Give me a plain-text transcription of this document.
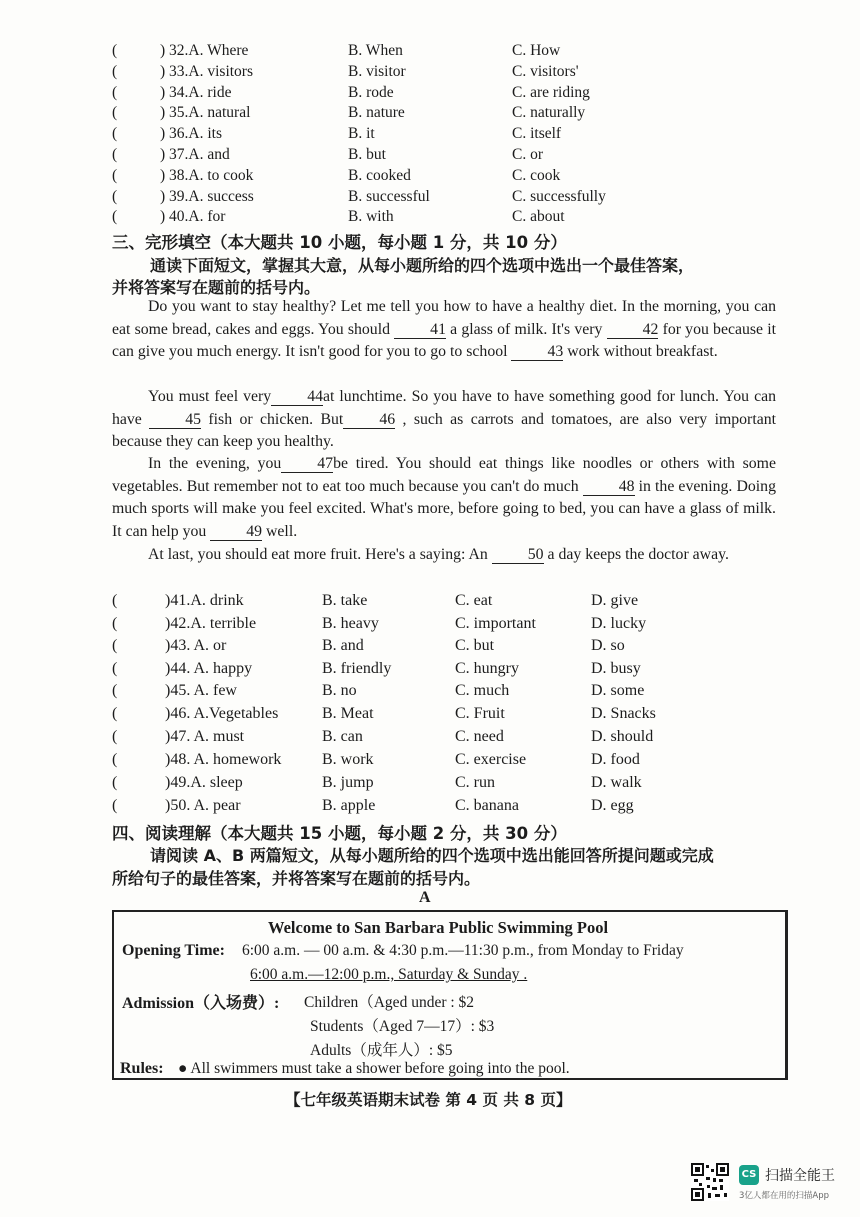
(	) 32.A. Where	B. When	C. How
(	) 33.A. visitors	B. visitor	C. visitors'
(	) 34.A. ride	B. rode	C. are riding
(	) 35.A. natural	B. nature	C. naturally
(	) 36.A. its	B. it	C. itself
(	) 37.A. and	B. but	C. or
(	) 38.A. to cook	B. cooked	C. cook
(	) 39.A. success	B. successful	C. successfully
(	) 40.A. for	B. with	C. about
三、完形填空（本大题共 10 小题，每小题 1 分，共 10 分）
通读下面短文，掌握其大意，从每小题所给的四个选项中选出一个最佳答案，
并将答案写在题前的括号内。
Do you want to stay healthy? Let me tell you how to have a healthy diet. In the morning, you can eat some bread, cakes and eggs. You should 41 a glass of milk. It's very 42 for you because it can give you much energy. It isn't good for you to go to school 43 work without breakfast.
You must feel very 44at lunchtime. So you have to have something good for lunch. You can have 45 fish or chicken. But 46 , such as carrots and tomatoes, are also very important because they can keep you healthy.
In the evening, you 47be tired. You should eat things like noodles or others with some vegetables. But remember not to eat too much because you can't do much 48 in the evening. Doing much sports will make you feel excited. What's more, before going to bed, you can have a glass of milk. It can help you 49 well.
At last, you should eat more fruit. Here's a saying: An 50 a day keeps the doctor away.
(	)41.A. drink	B. take	C. eat	D. give
(	)42.A. terrible	B. heavy	C. important	D. lucky
(	)43. A. or	B. and	C. but	D. so
(	)44. A. happy	B. friendly	C. hungry	D. busy
(	)45. A. few	B. no	C. much	D. some
(	)46. A.Vegetables	B. Meat	C. Fruit	D. Snacks
(	)47. A. must	B. can	C. need	D. should
(	)48. A. homework	B. work	C. exercise	D. food
(	)49.A. sleep	B. jump	C. run	D. walk
(	)50. A. pear	B. apple	C. banana	D. egg
四、阅读理解（本大题共 15 小题，每小题 2 分，共 30 分）
请阅读 A、B 两篇短文，从每小题所给的四个选项中选出能回答所提问题或完成
所给句子的最佳答案，并将答案写在题前的括号内。
A
Welcome to San Barbara Public Swimming Pool
Opening Time: 6:00 a.m. — 00 a.m. & 4:30 p.m.—11:30 p.m., from Monday to Friday
6:00 a.m.—12:00 p.m., Saturday & Sunday .
Admission（入场费）: Children（Aged under : $2
Students（Aged 7—17）: $3
Adults（成年人）: $5
Rules: ● All swimmers must take a shower before going into the pool.
【七年级英语期末试卷 第 4 页 共 8 页】
CS 扫描全能王
3亿人都在用的扫描App
